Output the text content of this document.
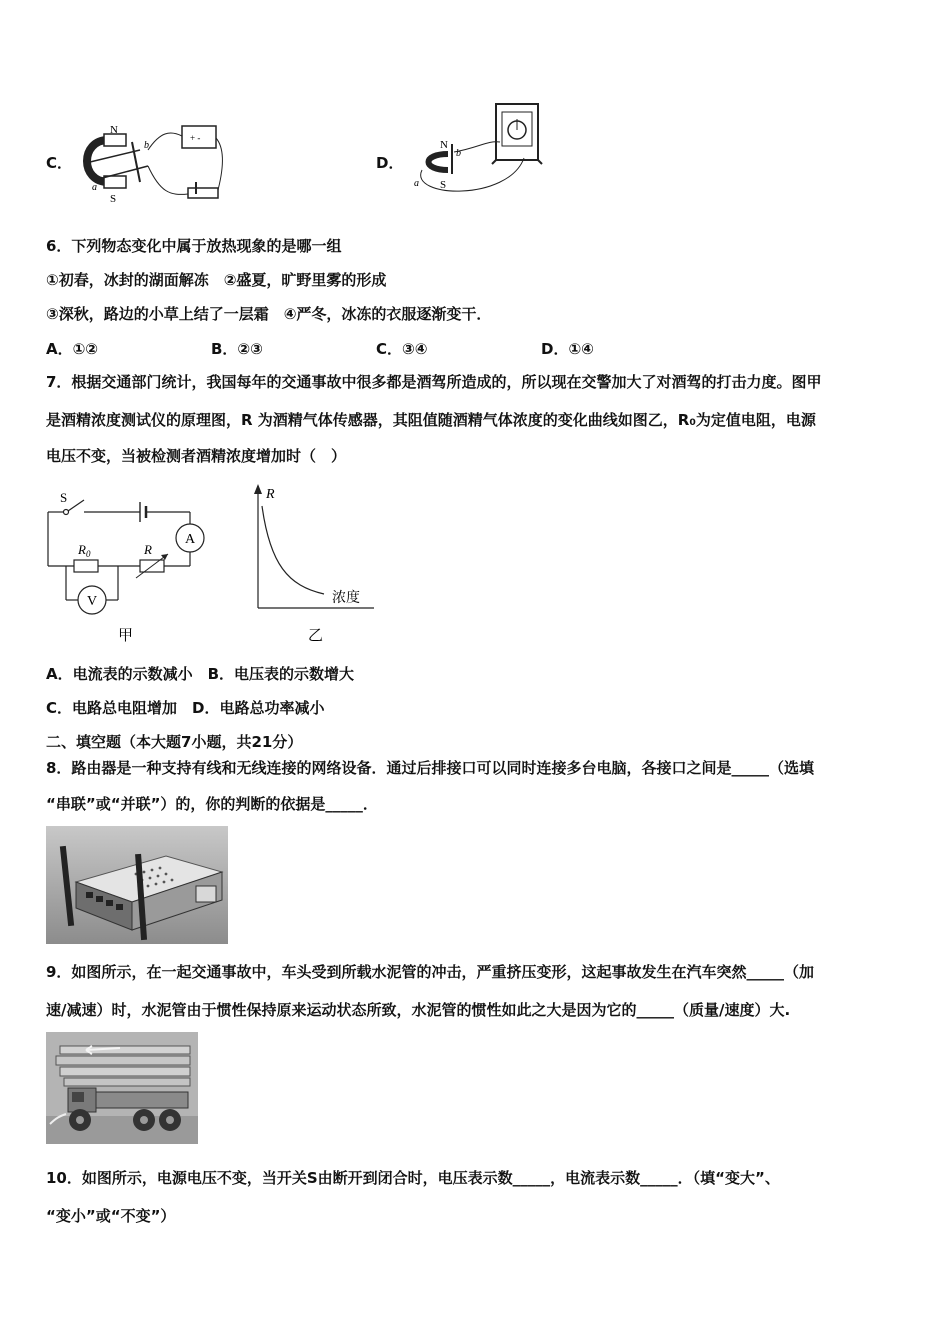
C．
N
S
a
b
+ -
D．
N
S
b
a
6．下列物态变化中属于放热现象的是哪一组
①初春，冰封的湖面解冻　②盛夏，旷野里雾的形成
③深秋，路边的小草上结了一层霜　④严冬，冰冻的衣服逐渐变干．
A．①②	B．②③	C．③④	D．①④
7．根据交通部门统计，我国每年的交通事故中很多都是酒驾所造成的，所以现在交警加大了对酒驾的打击力度。图甲
是酒精浓度测试仪的原理图，R 为酒精气体传感器，其阻值随酒精气体浓度的变化曲线如图乙，R₀为定值电阻，电源
电压不变，当被检测者酒精浓度增加时（　）
S
A
$R_0$	R
V
甲
R
浓度
乙
A．电流表的示数减小　B．电压表的示数增大
C．电路总电阻增加　D．电路总功率减小
二、填空题（本大题7小题，共21分）
8．路由器是一种支持有线和无线连接的网络设备．通过后排接口可以同时连接多台电脑，各接口之间是_____（选填
“串联”或“并联”）的，你的判断的依据是_____．
9．如图所示，在一起交通事故中，车头受到所载水泥管的冲击，严重挤压变形，这起事故发生在汽车突然_____（加
速/减速）时，水泥管由于惯性保持原来运动状态所致，水泥管的惯性如此之大是因为它的_____（质量/速度）大.
10．如图所示，电源电压不变，当开关S由断开到闭合时，电压表示数_____，电流表示数_____．（填“变大”、
“变小”或“不变”）
